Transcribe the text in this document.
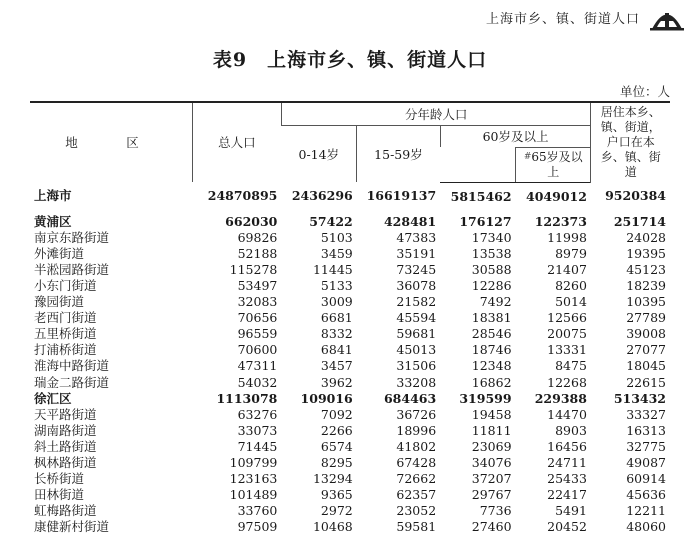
上海市乡、镇、街道人口
表9　上海市乡、镇、街道人口
单位：人
地　区	总人口	分年龄人口				居住本乡、镇、街道，户口在本乡、镇、街道
		0-14岁	15-59岁	60岁及以上		
					#65岁及以上	
上海市	24870895	2436296	16619137	5815462	4049012	9520384
黄浦区	662030	57422	428481	176127	122373	251714
南京东路街道	69826	5103	47383	17340	11998	24028
外滩街道	52188	3459	35191	13538	8979	19395
半淞园路街道	115278	11445	73245	30588	21407	45123
小东门街道	53497	5133	36078	12286	8260	18239
豫园街道	32083	3009	21582	7492	5014	10395
老西门街道	70656	6681	45594	18381	12566	27789
五里桥街道	96559	8332	59681	28546	20075	39008
打浦桥街道	70600	6841	45013	18746	13331	27077
淮海中路街道	47311	3457	31506	12348	8475	18045
瑞金二路街道	54032	3962	33208	16862	12268	22615
徐汇区	1113078	109016	684463	319599	229388	513432
天平路街道	63276	7092	36726	19458	14470	33327
湖南路街道	33073	2266	18996	11811	8903	16313
斜土路街道	71445	6574	41802	23069	16456	32775
枫林路街道	109799	8295	67428	34076	24711	49087
长桥街道	123163	13294	72662	37207	25433	60914
田林街道	101489	9365	62357	29767	22417	45636
虹梅路街道	33760	2972	23052	7736	5491	12211
康健新村街道	97509	10468	59581	27460	20452	48060
